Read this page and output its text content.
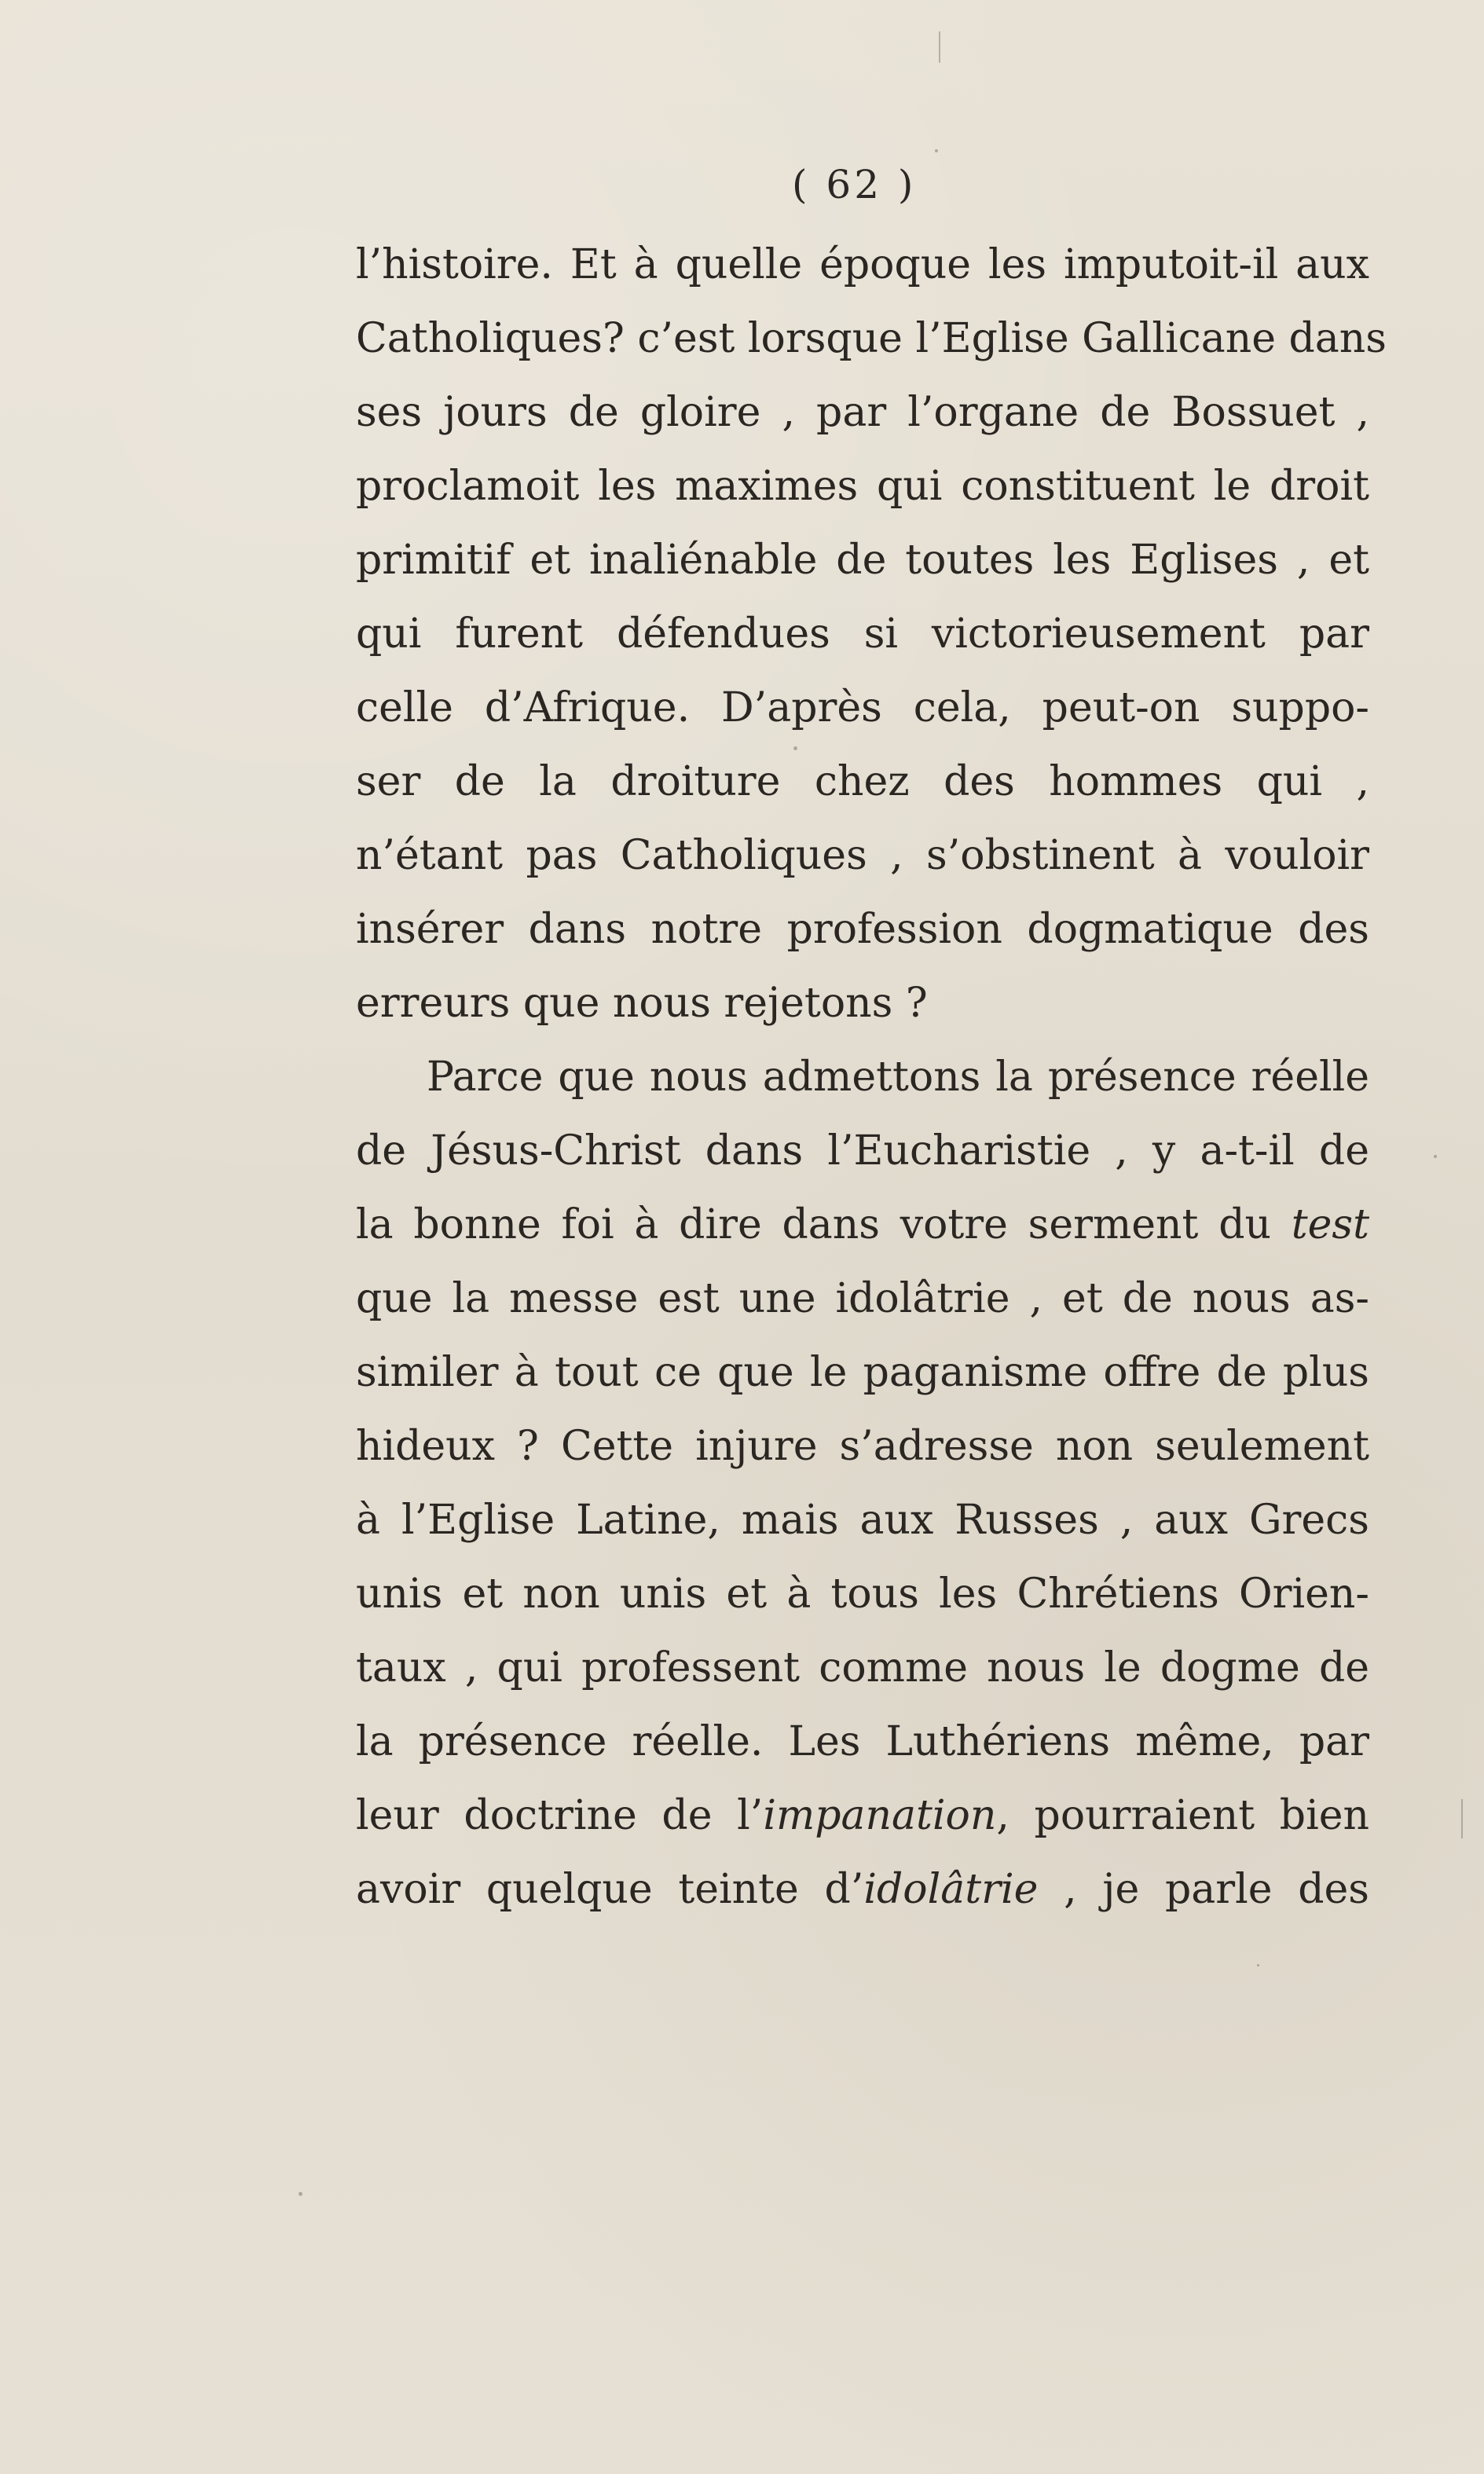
( 62 )
l’histoire. Et à quelle époque les imputoit-il aux
Catholiques? c’est lorsque l’Eglise Gallicane dans
ses jours de gloire , par l’organe de Bossuet ,
proclamoit les maximes qui constituent le droit
primitif et inaliénable de toutes les Eglises , et
qui furent défendues si victorieusement par
celle d’Afrique. D’après cela, peut-on suppo-
ser de la droiture chez des hommes qui ,
n’étant pas Catholiques , s’obstinent à vouloir
insérer dans notre profession dogmatique des
erreurs que nous rejetons ?
Parce que nous admettons la présence réelle
de Jésus-Christ dans l’Eucharistie , y a-t-il de
la bonne foi à dire dans votre serment du test
que la messe est une idolâtrie , et de nous as-
similer à tout ce que le paganisme offre de plus
hideux ? Cette injure s’adresse non seulement
à l’Eglise Latine, mais aux Russes , aux Grecs
unis et non unis et à tous les Chrétiens Orien-
taux , qui professent comme nous le dogme de
la présence réelle. Les Luthériens même, par
leur doctrine de l’impanation, pourraient bien
avoir quelque teinte d’idolâtrie , je parle des
